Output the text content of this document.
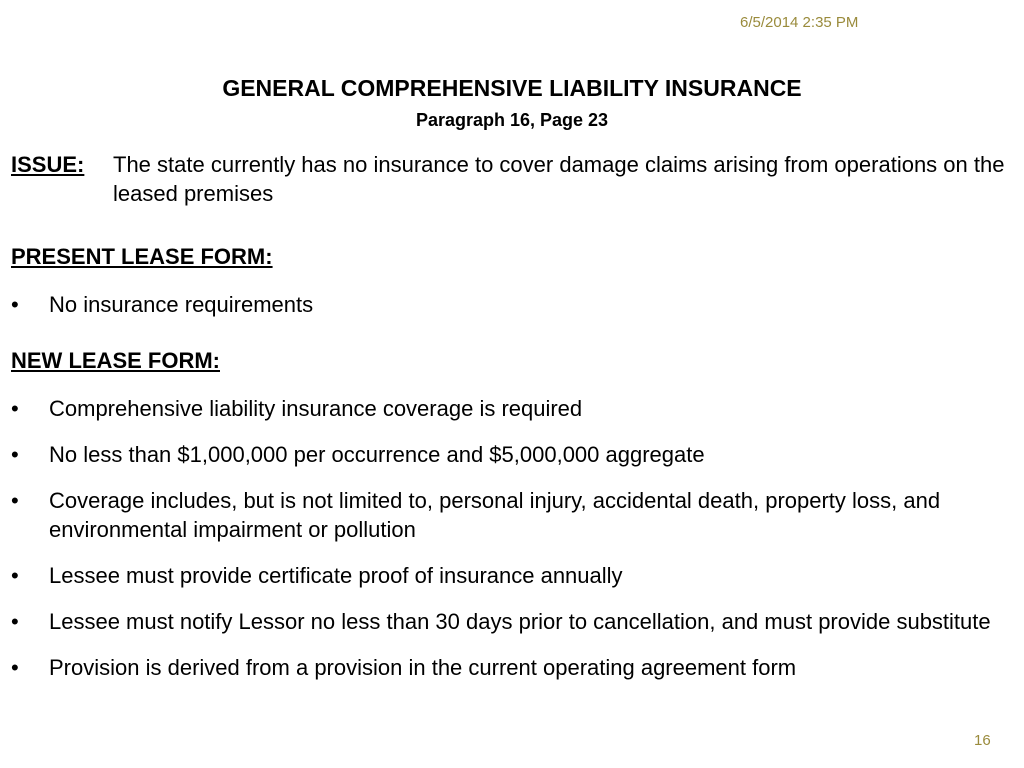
6/5/2014 2:35 PM
GENERAL COMPREHENSIVE LIABILITY INSURANCE
Paragraph 16, Page 23
ISSUE: The state currently has no insurance to cover damage claims arising from operations on the leased premises
PRESENT LEASE FORM:
• No insurance requirements
NEW LEASE FORM:
• Comprehensive liability insurance coverage is required
• No less than $1,000,000 per occurrence and $5,000,000 aggregate
• Coverage includes, but is not limited to, personal injury, accidental death, property loss, and environmental impairment or pollution
• Lessee must provide certificate proof of insurance annually
• Lessee must notify Lessor no less than 30 days prior to cancellation, and must provide substitute
• Provision is derived from a provision in the current operating agreement form
16
